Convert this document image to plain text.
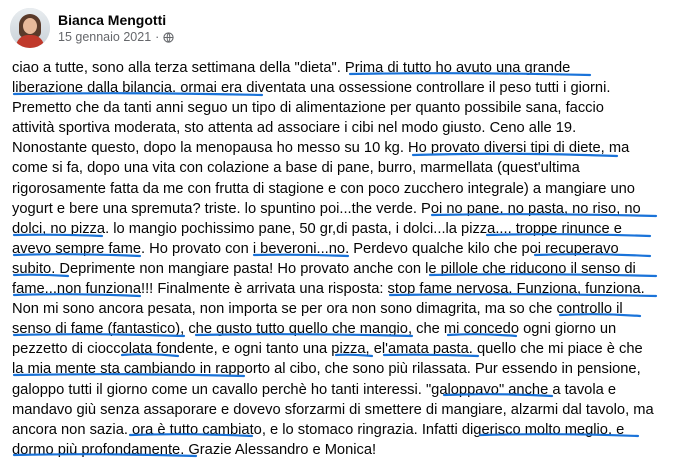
Bianca Mengotti
15 gennaio 2021 ·
ciao a tutte, sono alla terza settimana della "dieta". Prima di tutto ho avuto una grande
liberazione dalla bilancia. ormai era diventata una ossessione controllare il peso tutti i giorni.
Premetto che da tanti anni seguo un tipo di alimentazione per quanto possibile sana, faccio
attività sportiva moderata, sto attenta ad associare i cibi nel modo giusto. Ceno alle 19.
Nonostante questo, dopo la menopausa ho messo su 10 kg. Ho provato diversi tipi di diete, ma
come si fa, dopo una vita con colazione a base di pane, burro, marmellata (quest'ultima
rigorosamente fatta da me con frutta di stagione e con poco zucchero integrale) a mangiare uno
yogurt e bere una spremuta? triste. lo spuntino poi...the verde. Poi no pane, no pasta, no riso, no
dolci, no pizza. lo mangio pochissimo pane, 50 gr,di pasta, i dolci...la pizza.... troppe rinunce e
avevo sempre fame. Ho provato con i beveroni...no. Perdevo qualche kilo che poi recuperavo
subito. Deprimente non mangiare pasta! Ho provato anche con le pillole che riducono il senso di
fame...non funziona!!! Finalmente è arrivata una risposta: stop fame nervosa. Funziona, funziona.
Non mi sono ancora pesata, non importa se per ora non sono dimagrita, ma so che controllo il
senso di fame (fantastico), che gusto tutto quello che mangio, che mi concedo ogni giorno un
pezzetto di cioccolata fondente, e ogni tanto una pizza, el'amata pasta. quello che mi piace è che
la mia mente sta cambiando in rapporto al cibo, che sono più rilassata. Pur essendo in pensione,
galoppo tutti il giorno come un cavallo perchè ho tanti interessi. "galoppavo" anche a tavola e
mandavo giù senza assaporare e dovevo sforzarmi di smettere di mangiare, alzarmi dal tavolo, ma
ancora non sazia. ora è tutto cambiato, e lo stomaco ringrazia. Infatti digerisco molto meglio, e
dormo più profondamente. Grazie Alessandro e Monica!
